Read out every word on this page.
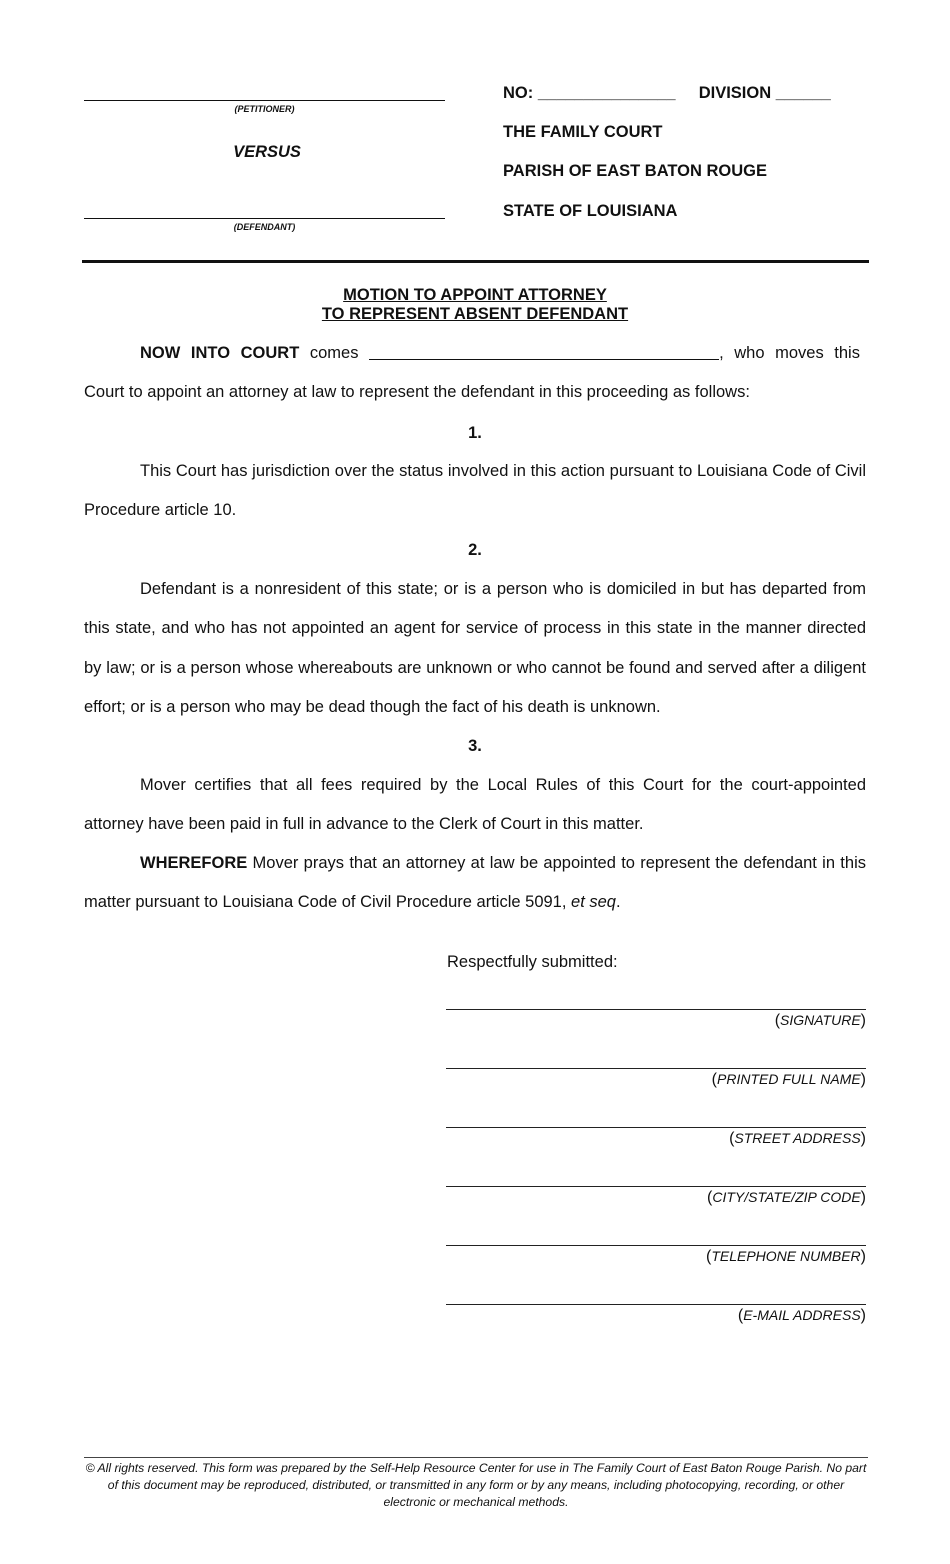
(PETITIONER)
VERSUS
(DEFENDANT)
NO: _______________ DIVISION ______
THE FAMILY COURT
PARISH OF EAST BATON ROUGE
STATE OF LOUISIANA
MOTION TO APPOINT ATTORNEY
TO REPRESENT ABSENT DEFENDANT
NOW INTO COURT comes	, who moves this
Court to appoint an attorney at law to represent the defendant in this proceeding as follows:
1.
This Court has jurisdiction over the status involved in this action pursuant to Louisiana Code of Civil Procedure article 10.
2.
Defendant is a nonresident of this state; or is a person who is domiciled in but has departed from this state, and who has not appointed an agent for service of process in this state in the manner directed by law; or is a person whose whereabouts are unknown or who cannot be found and served after a diligent effort; or is a person who may be dead though the fact of his death is unknown.
3.
Mover certifies that all fees required by the Local Rules of this Court for the court-appointed attorney have been paid in full in advance to the Clerk of Court in this matter.
WHEREFORE Mover prays that an attorney at law be appointed to represent the defendant in this matter pursuant to Louisiana Code of Civil Procedure article 5091, et seq.
Respectfully submitted:
(SIGNATURE)
(PRINTED FULL NAME)
(STREET ADDRESS)
(CITY/STATE/ZIP CODE)
(TELEPHONE NUMBER)
(E-MAIL ADDRESS)
© All rights reserved. This form was prepared by the Self-Help Resource Center for use in The Family Court of East Baton Rouge Parish. No part of this document may be reproduced, distributed, or transmitted in any form or by any means, including photocopying, recording, or other electronic or mechanical methods.
